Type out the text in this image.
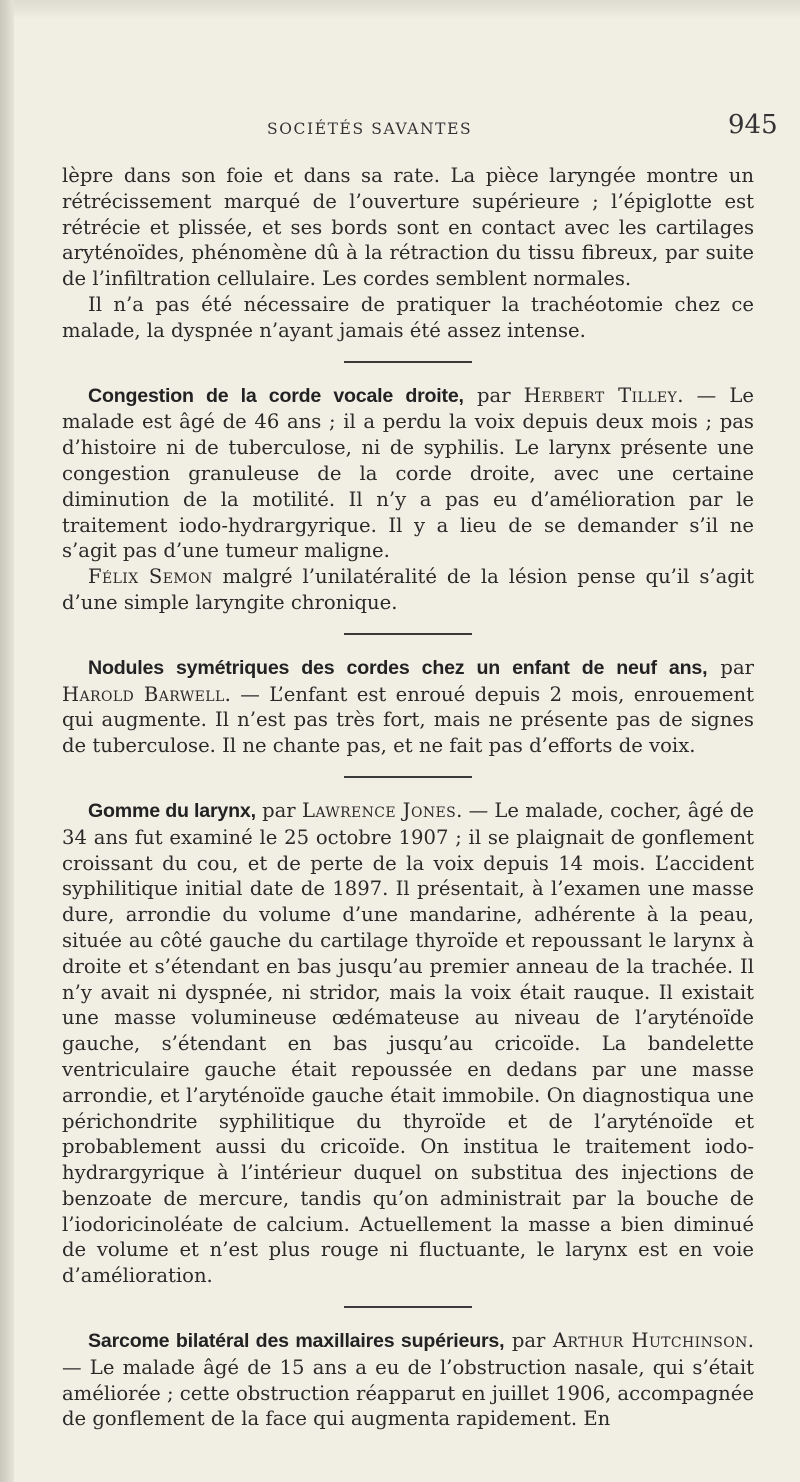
SOCIÉTÉS SAVANTES	945

lèpre dans son foie et dans sa rate. La pièce laryngée montre un rétrécissement marqué de l’ouverture supérieure ; l’épiglotte est rétrécie et plissée, et ses bords sont en contact avec les cartilages aryténoïdes, phénomène dû à la rétraction du tissu fibreux, par suite de l’infiltration cellulaire. Les cordes semblent normales.

Il n’a pas été nécessaire de pratiquer la trachéotomie chez ce malade, la dyspnée n’ayant jamais été assez intense.

Congestion de la corde vocale droite, par Herbert Tilley. — Le malade est âgé de 46 ans ; il a perdu la voix depuis deux mois ; pas d’histoire ni de tuberculose, ni de syphilis. Le larynx présente une congestion granuleuse de la corde droite, avec une certaine diminution de la motilité. Il n’y a pas eu d’amélioration par le traitement iodo-hydrargyrique. Il y a lieu de se demander s’il ne s’agit pas d’une tumeur maligne.

Félix Semon malgré l’unilatéralité de la lésion pense qu’il s’agit d’une simple laryngite chronique.

Nodules symétriques des cordes chez un enfant de neuf ans, par Harold Barwell. — L’enfant est enroué depuis 2 mois, enrouement qui augmente. Il n’est pas très fort, mais ne présente pas de signes de tuberculose. Il ne chante pas, et ne fait pas d’efforts de voix.

Gomme du larynx, par Lawrence Jones. — Le malade, cocher, âgé de 34 ans fut examiné le 25 octobre 1907 ; il se plaignait de gonflement croissant du cou, et de perte de la voix depuis 14 mois. L’accident syphilitique initial date de 1897. Il présentait, à l’examen une masse dure, arrondie du volume d’une mandarine, adhérente à la peau, située au côté gauche du cartilage thyroïde et repoussant le larynx à droite et s’étendant en bas jusqu’au premier anneau de la trachée. Il n’y avait ni dyspnée, ni stridor, mais la voix était rauque. Il existait une masse volumineuse œdémateuse au niveau de l’aryténoïde gauche, s’étendant en bas jusqu’au cricoïde. La bandelette ventriculaire gauche était repoussée en dedans par une masse arrondie, et l’aryténoïde gauche était immobile. On diagnostiqua une périchondrite syphilitique du thyroïde et de l’aryténoïde et probablement aussi du cricoïde. On institua le traitement iodo-hydrargyrique à l’intérieur duquel on substitua des injections de benzoate de mercure, tandis qu’on administrait par la bouche de l’iodoricinoléate de calcium. Actuellement la masse a bien diminué de volume et n’est plus rouge ni fluctuante, le larynx est en voie d’amélioration.

Sarcome bilatéral des maxillaires supérieurs, par Arthur Hutchinson. — Le malade âgé de 15 ans a eu de l’obstruction nasale, qui s’était améliorée ; cette obstruction réapparut en juillet 1906, accompagnée de gonflement de la face qui augmenta rapidement. En
